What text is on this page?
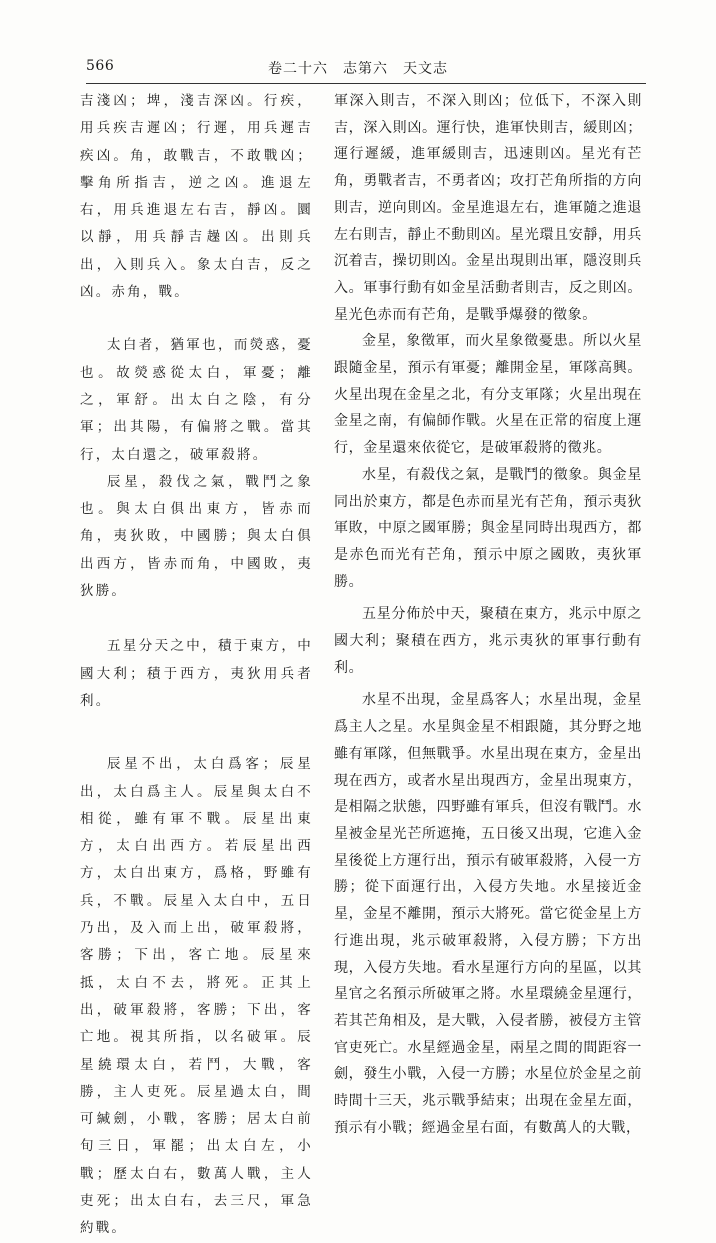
566	卷二十六　志第六　天文志

吉淺凶；埤，淺吉深凶。行疾，用兵疾吉遲凶；行遲，用兵遲吉疾凶。角，敢戰吉，不敢戰凶；擊角所指吉，逆之凶。進退左右，用兵進退左右吉，靜凶。圜以靜，用兵靜吉趮凶。出則兵出，入則兵入。象太白吉，反之凶。赤角，戰。

太白者，猶軍也，而熒惑，憂也。故熒惑從太白，軍憂；離之，軍舒。出太白之陰，有分軍；出其陽，有偏將之戰。當其行，太白還之，破軍殺將。

辰星，殺伐之氣，戰鬥之象也。與太白俱出東方，皆赤而角，夷狄敗，中國勝；與太白俱出西方，皆赤而角，中國敗，夷狄勝。

五星分天之中，積于東方，中國大利；積于西方，夷狄用兵者利。

辰星不出，太白爲客；辰星出，太白爲主人。辰星與太白不相從，雖有軍不戰。辰星出東方，太白出西方。若辰星出西方，太白出東方，爲格，野雖有兵，不戰。辰星入太白中，五日乃出，及入而上出，破軍殺將，客勝；下出，客亡地。辰星來抵，太白不去，將死。正其上出，破軍殺將，客勝；下出，客亡地。視其所指，以名破軍。辰星繞環太白，若鬥，大戰，客勝，主人吏死。辰星過太白，間可緘劍，小戰，客勝；居太白前旬三日，軍罷；出太白左，小戰；歷太白右，數萬人戰，主人吏死；出太白右，去三尺，軍急約戰。

軍深入則吉，不深入則凶；位低下，不深入則吉，深入則凶。運行快，進軍快則吉，緩則凶；運行遲緩，進軍緩則吉，迅速則凶。星光有芒角，勇戰者吉，不勇者凶；攻打芒角所指的方向則吉，逆向則凶。金星進退左右，進軍隨之進退左右則吉，靜止不動則凶。星光環且安靜，用兵沉着吉，操切則凶。金星出現則出軍，隱沒則兵入。軍事行動有如金星活動者則吉，反之則凶。星光色赤而有芒角，是戰爭爆發的徵象。

金星，象徵軍，而火星象徵憂患。所以火星跟隨金星，預示有軍憂；離開金星，軍隊高興。火星出現在金星之北，有分支軍隊；火星出現在金星之南，有偏師作戰。火星在正常的宿度上運行，金星還來依從它，是破軍殺將的徵兆。

水星，有殺伐之氣，是戰鬥的徵象。與金星同出於東方，都是色赤而星光有芒角，預示夷狄軍敗，中原之國軍勝；與金星同時出現西方，都是赤色而光有芒角，預示中原之國敗，夷狄軍勝。

五星分佈於中天，聚積在東方，兆示中原之國大利；聚積在西方，兆示夷狄的軍事行動有利。

水星不出現，金星爲客人；水星出現，金星爲主人之星。水星與金星不相跟隨，其分野之地雖有軍隊，但無戰爭。水星出現在東方，金星出現在西方，或者水星出現西方，金星出現東方，是相隔之狀態，四野雖有軍兵，但沒有戰鬥。水星被金星光芒所遮掩，五日後又出現，它進入金星後從上方運行出，預示有破軍殺將，入侵一方勝；從下面運行出，入侵方失地。水星接近金星，金星不離開，預示大將死。當它從金星上方行進出現，兆示破軍殺將，入侵方勝；下方出現，入侵方失地。看水星運行方向的星區，以其星官之名預示所破軍之將。水星環繞金星運行，若其芒角相及，是大戰，入侵者勝，被侵方主管官吏死亡。水星經過金星，兩星之間的間距容一劍，發生小戰，入侵一方勝；水星位於金星之前時間十三天，兆示戰爭結束；出現在金星左面，預示有小戰；經過金星右面，有數萬人的大戰，
